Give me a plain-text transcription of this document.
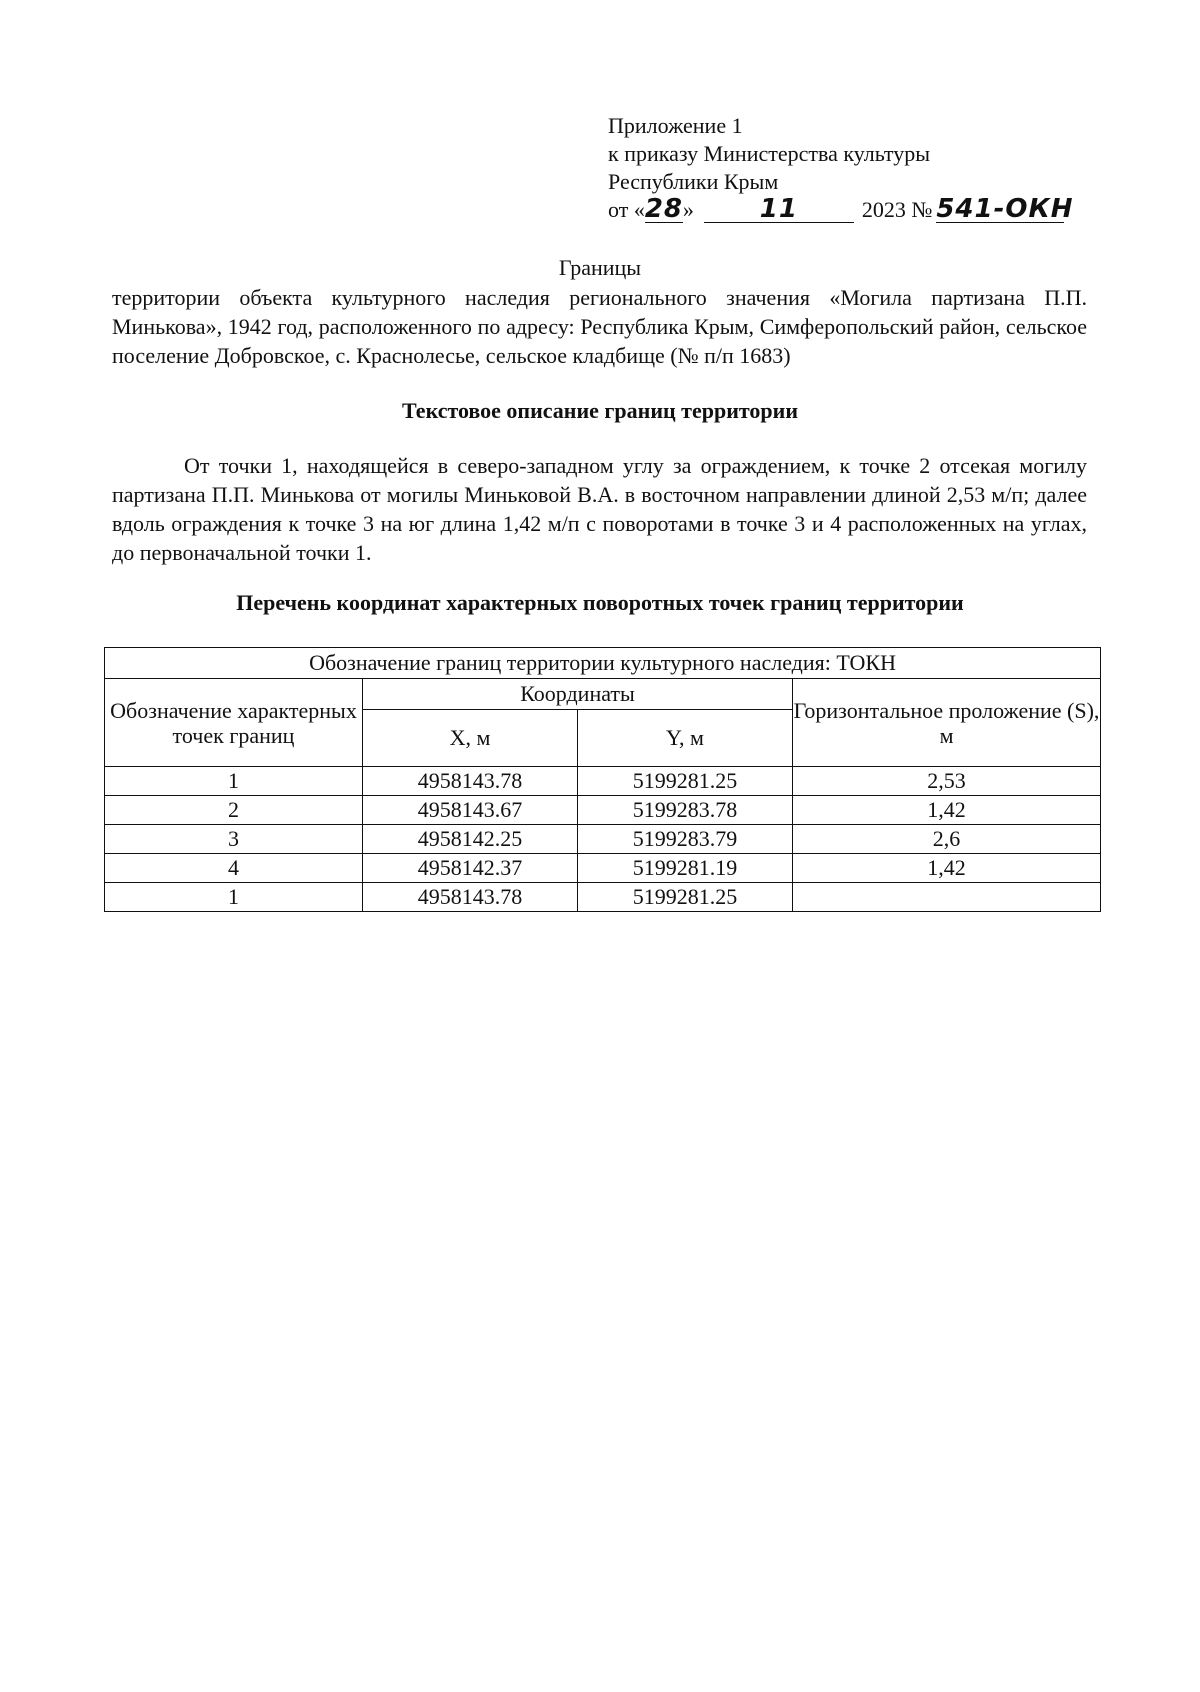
Приложение 1
к приказу Министерства культуры
Республики Крым
от « 28 »	11	2023 № 541-ОКН
Границы
территории объекта культурного наследия регионального значения «Могила партизана П.П. Минькова», 1942 год, расположенного по адресу: Республика Крым, Симферопольский район, сельское поселение Добровское, с. Краснолесье, сельское кладбище (№ п/п 1683)
Текстовое описание границ территории
От точки 1, находящейся в северо-западном углу за ограждением, к точке 2 отсекая могилу партизана П.П. Минькова от могилы Миньковой В.А. в восточном направлении длиной 2,53 м/п; далее вдоль ограждения к точке 3 на юг длина 1,42 м/п с поворотами в точке 3 и 4 расположенных на углах, до первоначальной точки 1.
Перечень координат характерных поворотных точек границ территории
Обозначение границ территории культурного наследия: ТОКН			
Обозначение характерных точек границ	Координаты		Горизонтальное проложение (S), м
	X, м	Y, м	
1	4958143.78	5199281.25	2,53
2	4958143.67	5199283.78	1,42
3	4958142.25	5199283.79	2,6
4	4958142.37	5199281.19	1,42
1	4958143.78	5199281.25	
